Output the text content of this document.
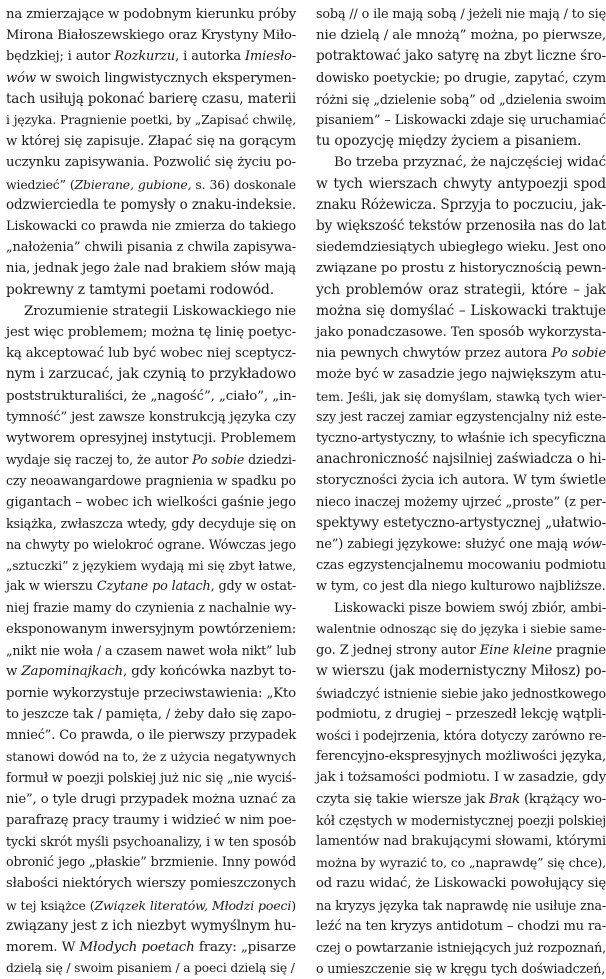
na zmierzające w podobnym kierunku próby
Mirona Białoszewskiego oraz Krystyny Miło-
będzkiej; i autor Rozkurzu, i autorka Imiesło-
wów w swoich lingwistycznych eksperymen-
tach usiłują pokonać barierę czasu, materii
i języka. Pragnienie poetki, by „Zapisać chwilę,
w której się zapisuje. Złapać się na gorącym
uczynku zapisywania. Pozwolić się życiu po-
wiedzieć” (Zbierane, gubione, s. 36) doskonale
odzwierciedla te pomysły o znaku-indeksie.
Liskowacki co prawda nie zmierza do takiego
„nałożenia” chwili pisania z chwila zapisywa-
nia, jednak jego żale nad brakiem słów mają
pokrewny z tamtymi poetami rodowód.

Zrozumienie strategii Liskowackiego nie
jest więc problemem; można tę linię poetyc-
ką akceptować lub być wobec niej sceptycz-
nym i zarzucać, jak czynią to przykładowo
poststrukturaliści, że „nagość”, „ciało”, „in-
tymność” jest zawsze konstrukcją języka czy
wytworem opresyjnej instytucji. Problemem
wydaje się raczej to, że autor Po sobie dziedzi-
czy neoawangardowe pragnienia w spadku po
gigantach – wobec ich wielkości gaśnie jego
książka, zwłaszcza wtedy, gdy decyduje się on
na chwyty po wielokroć ograne. Wówczas jego
„sztuczki” z językiem wydają mi się zbyt łatwe,
jak w wierszu Czytane po latach, gdy w ostat-
niej frazie mamy do czynienia z nachalnie wy-
eksponowanym inwersyjnym powtórzeniem:
„nikt nie woła / a czasem nawet woła nikt” lub
w Zapominajkach, gdy końcówka nazbyt to-
pornie wykorzystuje przeciwstawienia: „Kto
to jeszcze tak / pamięta, / żeby dało się zapo-
mnieć”. Co prawda, o ile pierwszy przypadek
stanowi dowód na to, że z użycia negatywnych
formuł w poezji polskiej już nic się „nie wyciś-
nie”, o tyle drugi przypadek można uznać za
parafrazę pracy traumy i widzieć w nim poe-
tycki skrót myśli psychoanalizy, i w ten sposób
obronić jego „płaskie” brzmienie. Inny powód
słabości niektórych wierszy pomieszczonych
w tej książce (Związek literatów, Młodzi poeci)
związany jest z ich niezbyt wymyślnym hu-
morem. W Młodych poetach frazy: „pisarze
dzielą się / swoim pisaniem / a poeci dzielą się /

sobą // o ile mają sobą / jeżeli nie mają / to się
nie dzielą / ale mnożą” można, po pierwsze,
potraktować jako satyrę na zbyt liczne śro-
dowisko poetyckie; po drugie, zapytać, czym
różni się „dzielenie sobą” od „dzielenia swoim
pisaniem” – Liskowacki zdaje się uruchamiać
tu opozycję między życiem a pisaniem.

Bo trzeba przyznać, że najczęściej widać
w tych wierszach chwyty antypoezji spod
znaku Różewicza. Sprzyja to poczuciu, jak-
by większość tekstów przenosiła nas do lat
siedemdziesiątych ubiegłego wieku. Jest ono
związane po prostu z historycznością pewn-
ych problemów oraz strategii, które – jak
można się domyślać – Liskowacki traktuje
jako ponadczasowe. Ten sposób wykorzysta-
nia pewnych chwytów przez autora Po sobie
może być w zasadzie jego największym atu-
tem. Jeśli, jak się domyślam, stawką tych wier-
szy jest raczej zamiar egzystencjalny niż este-
tyczno-artystyczny, to właśnie ich specyficzna
anachroniczność najsilniej zaświadcza o hi-
storyczności życia ich autora. W tym świetle
nieco inaczej możemy ujrzeć „proste” (z per-
spektywy estetyczno-artystycznej „ułatwio-
ne”) zabiegi językowe: służyć one mają wów-
czas egzystencjalnemu mocowaniu podmiotu
w tym, co jest dla niego kulturowo najbliższe.

Liskowacki pisze bowiem swój zbiór, ambi-
walentnie odnosząc się do języka i siebie same-
go. Z jednej strony autor Eine kleine pragnie
w wierszu (jak modernistyczny Miłosz) po-
świadczyć istnienie siebie jako jednostkowego
podmiotu, z drugiej – przeszedł lekcję wątpli-
wości i podejrzenia, która dotyczy zarówno re-
ferencyjno-ekspresyjnych możliwości języka,
jak i tożsamości podmiotu. I w zasadzie, gdy
czyta się takie wiersze jak Brak (krążący wo-
kół częstych w modernistycznej poezji polskiej
lamentów nad brakującymi słowami, którymi
można by wyrazić to, co „naprawdę” się chce),
od razu widać, że Liskowacki powołujący się
na kryzys języka tak naprawdę nie usiłuje zna-
leźć na ten kryzys antidotum – chodzi mu ra-
czej o powtarzanie istniejących już rozpoznań,
o umieszczenie się w kręgu tych doświadczeń,
